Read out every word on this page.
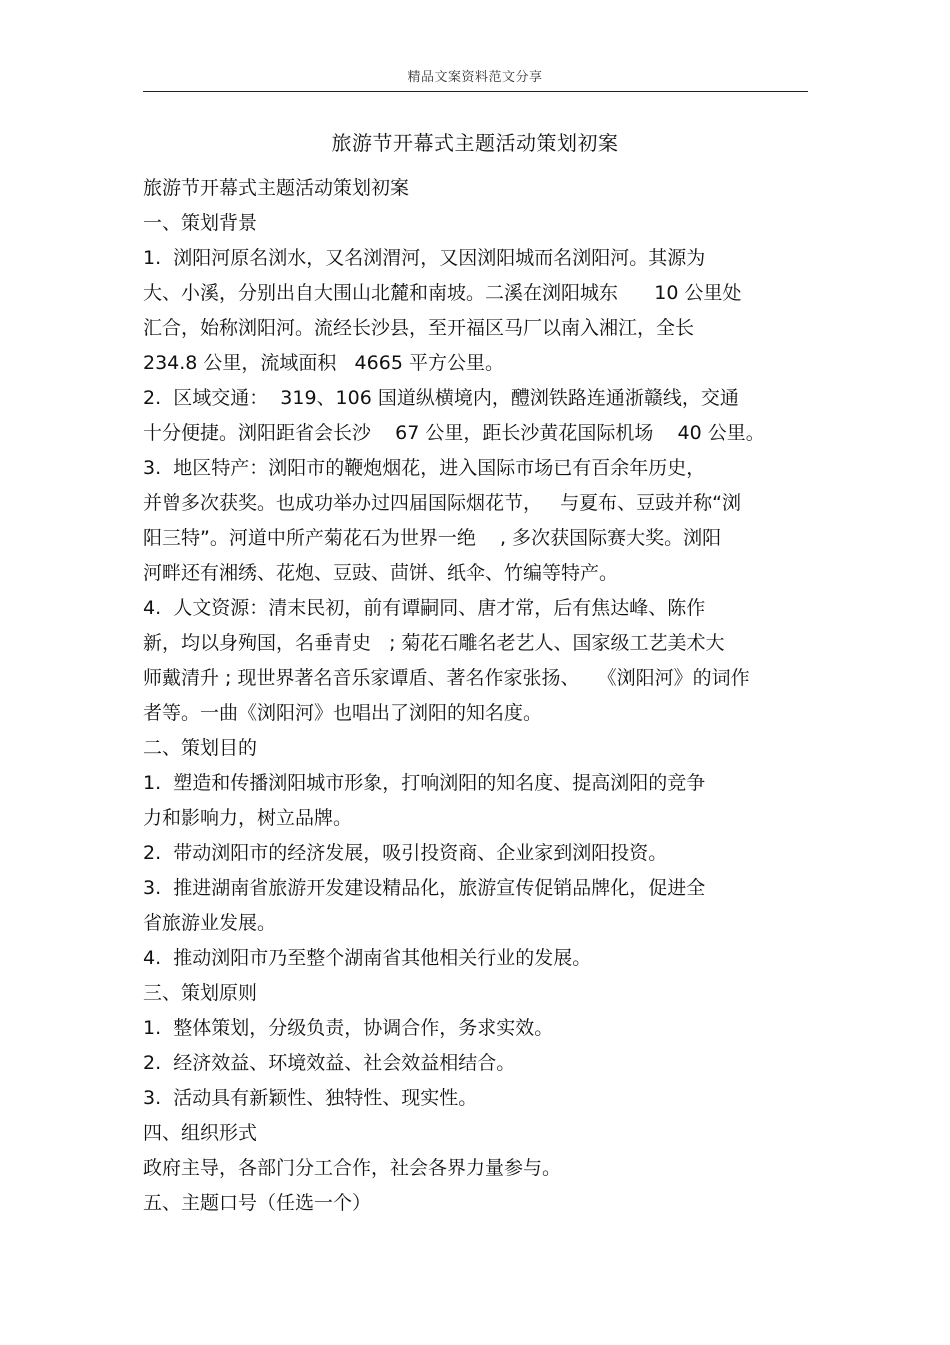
精品文案资料范文分享
旅游节开幕式主题活动策划初案
旅游节开幕式主题活动策划初案
一、策划背景
1.  浏阳河原名浏水，又名浏渭河，又因浏阳城而名浏阳河。其源为
大、小溪，分别出自大围山北麓和南坡。二溪在浏阳城东      10 公里处
汇合，始称浏阳河。流经长沙县，至开福区马厂以南入湘江，全长
234.8 公里，流域面积   4665 平方公里。
2.  区域交通：  319、106 国道纵横境内，醴浏铁路连通浙赣线，交通
十分便捷。浏阳距省会长沙    67 公里，距长沙黄花国际机场    40 公里。
3.  地区特产：浏阳市的鞭炮烟花，进入国际市场已有百余年历史，
并曾多次获奖。也成功举办过四届国际烟花节，   与夏布、豆豉并称“浏
阳三特”。河道中所产菊花石为世界一绝    , 多次获国际赛大奖。浏阳
河畔还有湘绣、花炮、豆豉、茴饼、纸伞、竹编等特产。
4.  人文资源：清末民初，前有谭嗣同、唐才常，后有焦达峰、陈作
新，均以身殉国，名垂青史   ; 菊花石雕名老艺人、国家级工艺美术大
师戴清升 ; 现世界著名音乐家谭盾、著名作家张扬、   《浏阳河》的词作
者等。一曲《浏阳河》也唱出了浏阳的知名度。
二、策划目的
1.  塑造和传播浏阳城市形象，打响浏阳的知名度、提高浏阳的竞争
力和影响力，树立品牌。
2.  带动浏阳市的经济发展，吸引投资商、企业家到浏阳投资。
3.  推进湖南省旅游开发建设精品化，旅游宣传促销品牌化，促进全
省旅游业发展。
4.  推动浏阳市乃至整个湖南省其他相关行业的发展。
三、策划原则
1.  整体策划，分级负责，协调合作，务求实效。
2.  经济效益、环境效益、社会效益相结合。
3.  活动具有新颖性、独特性、现实性。
四、组织形式
政府主导，各部门分工合作，社会各界力量参与。
五、主题口号（任选一个）
